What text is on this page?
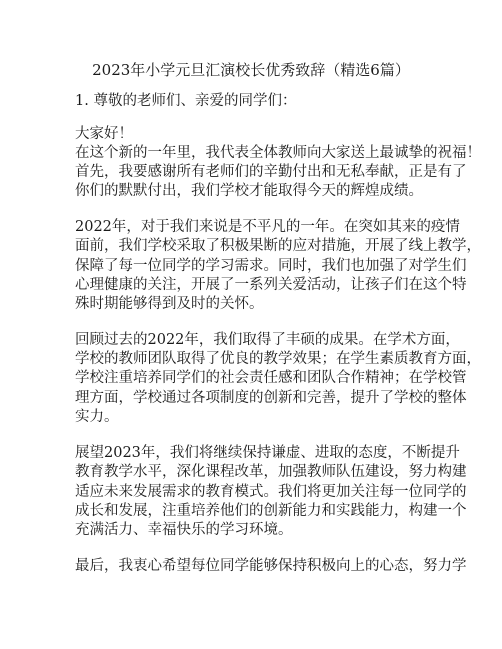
2023年小学元旦汇演校长优秀致辞（精选6篇）
1. 尊敬的老师们、亲爱的同学们：
大家好！
在这个新的一年里，我代表全体教师向大家送上最诚挚的祝福！
首先，我要感谢所有老师们的辛勤付出和无私奉献，正是有了
你们的默默付出，我们学校才能取得今天的辉煌成绩。
2022年，对于我们来说是不平凡的一年。在突如其来的疫情
面前，我们学校采取了积极果断的应对措施，开展了线上教学，
保障了每一位同学的学习需求。同时，我们也加强了对学生们
心理健康的关注，开展了一系列关爱活动，让孩子们在这个特
殊时期能够得到及时的关怀。
回顾过去的2022年，我们取得了丰硕的成果。在学术方面，
学校的教师团队取得了优良的教学效果；在学生素质教育方面，
学校注重培养同学们的社会责任感和团队合作精神；在学校管
理方面，学校通过各项制度的创新和完善，提升了学校的整体
实力。
展望2023年，我们将继续保持谦虚、进取的态度，不断提升
教育教学水平，深化课程改革，加强教师队伍建设，努力构建
适应未来发展需求的教育模式。我们将更加关注每一位同学的
成长和发展，注重培养他们的创新能力和实践能力，构建一个
充满活力、幸福快乐的学习环境。
最后，我衷心希望每位同学能够保持积极向上的心态，努力学
